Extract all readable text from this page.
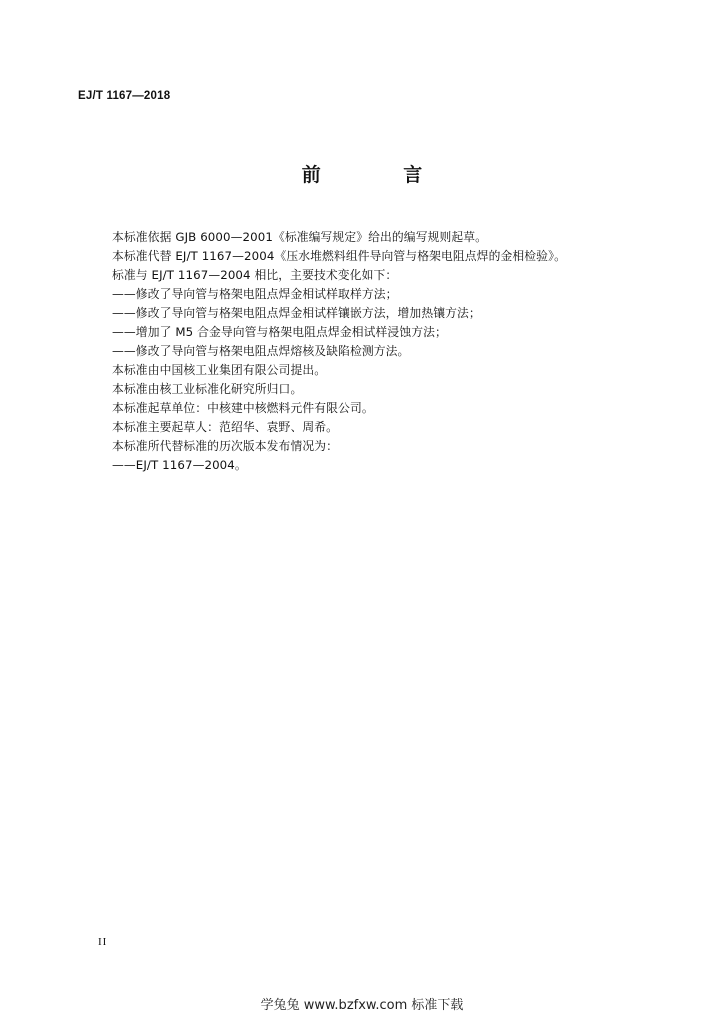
EJ/T 1167—2018
前 言
本标准依据 GJB 6000—2001《标准编写规定》给出的编写规则起草。
本标准代替 EJ/T 1167—2004《压水堆燃料组件导向管与格架电阻点焊的金相检验》。
标准与 EJ/T 1167—2004 相比，主要技术变化如下：
——修改了导向管与格架电阻点焊金相试样取样方法；
——修改了导向管与格架电阻点焊金相试样镶嵌方法，增加热镶方法；
——增加了 M5 合金导向管与格架电阻点焊金相试样浸蚀方法；
——修改了导向管与格架电阻点焊熔核及缺陷检测方法。
本标准由中国核工业集团有限公司提出。
本标准由核工业标准化研究所归口。
本标准起草单位：中核建中核燃料元件有限公司。
本标准主要起草人：范绍华、袁野、周希。
本标准所代替标准的历次版本发布情况为：
——EJ/T 1167—2004。
II
学兔兔 www.bzfxw.com 标准下载
